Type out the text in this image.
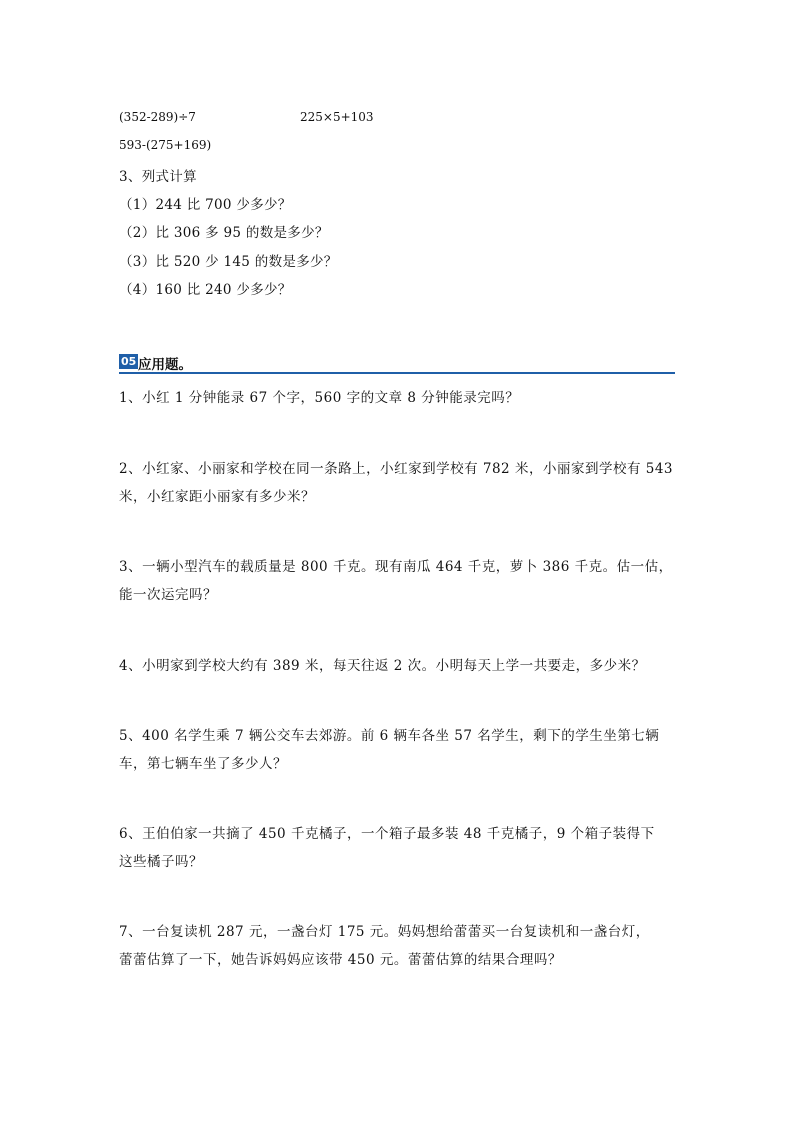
(352-289)÷7	225×5+103
593-(275+169)
3、列式计算
（1）244 比 700 少多少？
（2）比 306 多 95 的数是多少？
（3）比 520 少 145 的数是多少？
（4）160 比 240 少多少？
05 应用题。
1、小红 1 分钟能录 67 个字，560 字的文章 8 分钟能录完吗？
2、小红家、小丽家和学校在同一条路上，小红家到学校有 782 米，小丽家到学校有 543
米，小红家距小丽家有多少米？
3、一辆小型汽车的载质量是 800 千克。现有南瓜 464 千克，萝卜 386 千克。估一估，
能一次运完吗？
4、小明家到学校大约有 389 米，每天往返 2 次。小明每天上学一共要走，多少米？
5、400 名学生乘 7 辆公交车去郊游。前 6 辆车各坐 57 名学生，剩下的学生坐第七辆
车，第七辆车坐了多少人？
6、王伯伯家一共摘了 450 千克橘子，一个箱子最多装 48 千克橘子，9 个箱子装得下
这些橘子吗？
7、一台复读机 287 元，一盏台灯 175 元。妈妈想给蕾蕾买一台复读机和一盏台灯，
蕾蕾估算了一下，她告诉妈妈应该带 450 元。蕾蕾估算的结果合理吗？
